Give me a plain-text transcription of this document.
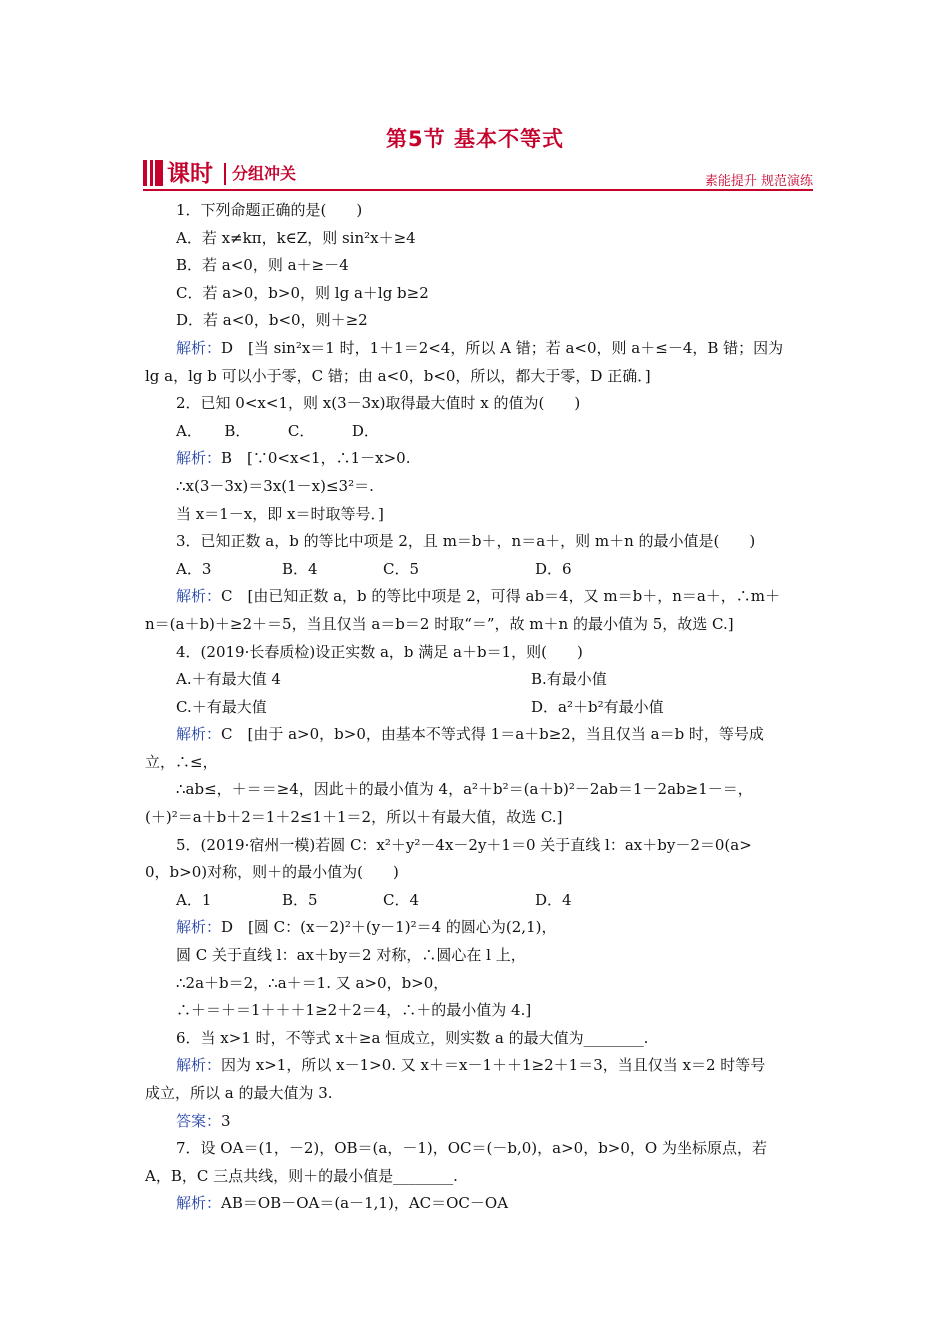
第5节 基本不等式
课时 分组冲关	素能提升 规范演练
1．下列命题正确的是(　　)
A．若 x≠kπ，k∈Z，则 sin²x＋≥4
B．若 a<0，则 a＋≥－4
C．若 a>0，b>0，则 lg a＋lg b≥2
D．若 a<0，b<0，则＋≥2
解析：D　[当 sin²x＝1 时，1＋1＝2<4，所以 A 错；若 a<0，则 a＋≤－4，B 错；因为
lg a，lg b 可以小于零，C 错；由 a<0，b<0，所以，都大于零，D 正确．]
2．已知 0<x<1，则 x(3－3x)取得最大值时 x 的值为(　　)
A．　　B．　　　C．　　　D．
解析：B　[∵0<x<1，∴1－x>0.
∴x(3－3x)＝3x(1－x)≤3²＝.
当 x＝1－x，即 x＝时取等号．]
3．已知正数 a，b 的等比中项是 2，且 m＝b＋，n＝a＋，则 m＋n 的最小值是(　　)
A．3	B．4	C．5	D．6
解析：C　[由已知正数 a，b 的等比中项是 2，可得 ab＝4，又 m＝b＋，n＝a＋，∴m＋
n＝(a＋b)＋≥2＋＝5，当且仅当 a＝b＝2 时取“＝”，故 m＋n 的最小值为 5，故选 C.]
4．(2019·长春质检)设正实数 a，b 满足 a＋b＝1，则(　　)
A.＋有最大值 4	B.有最小值
C.＋有最大值	D．a²＋b²有最小值
解析：C　[由于 a>0，b>0，由基本不等式得 1＝a＋b≥2，当且仅当 a＝b 时，等号成
立，∴≤，
∴ab≤，＋＝＝≥4，因此＋的最小值为 4，a²＋b²＝(a＋b)²－2ab＝1－2ab≥1－＝，
(＋)²＝a＋b＋2＝1＋2≤1＋1＝2，所以＋有最大值，故选 C.]
5．(2019·宿州一模)若圆 C：x²＋y²－4x－2y＋1＝0 关于直线 l：ax＋by－2＝0(a>
0，b>0)对称，则＋的最小值为(　　)
A．1	B．5	C．4	D．4
解析：D　[圆 C：(x－2)²＋(y－1)²＝4 的圆心为(2,1)，
圆 C 关于直线 l：ax＋by＝2 对称，∴圆心在 l 上，
∴2a＋b＝2，∴a＋＝1. 又 a>0，b>0，
∴＋＝＋＝1＋＋＋1≥2＋2＝4，∴＋的最小值为 4.]
6．当 x>1 时，不等式 x＋≥a 恒成立，则实数 a 的最大值为________.
解析：因为 x>1，所以 x－1>0. 又 x＋＝x－1＋＋1≥2＋1＝3，当且仅当 x＝2 时等号
成立，所以 a 的最大值为 3.
答案：3
7．设 OA＝(1，－2)，OB＝(a，－1)，OC＝(－b,0)，a>0，b>0，O 为坐标原点，若
A，B，C 三点共线，则＋的最小值是________.
解析：AB＝OB－OA＝(a－1,1)，AC＝OC－OA
